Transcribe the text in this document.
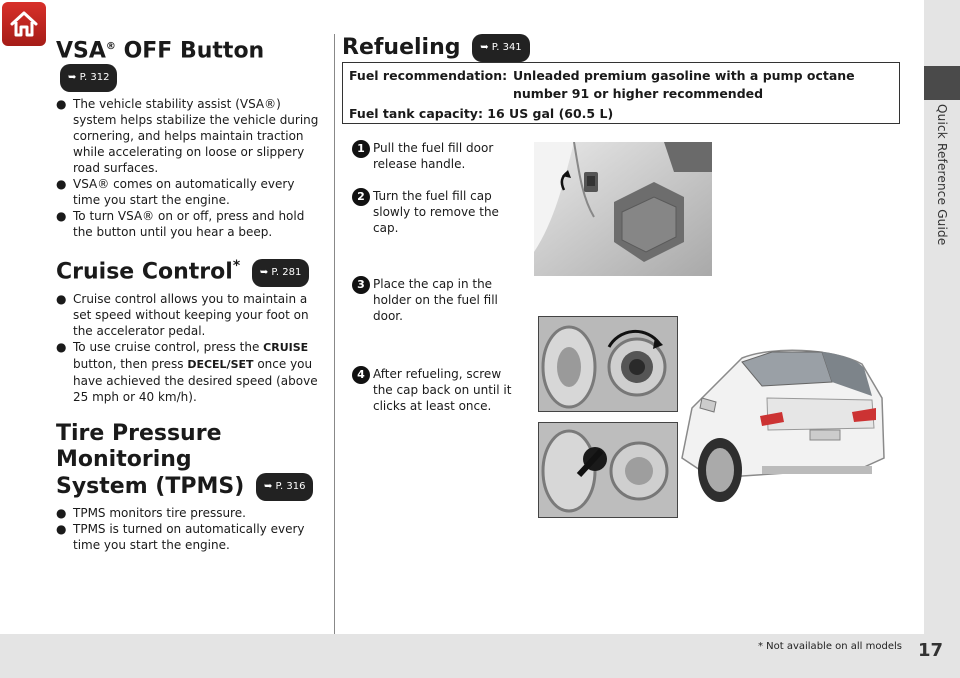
Quick Reference Guide
* Not available on all models 17
VSA® OFF Button ➥ P. 312
● The vehicle stability assist (VSA®) system helps stabilize the vehicle during cornering, and helps maintain traction while accelerating on loose or slippery road surfaces.
● VSA® comes on automatically every time you start the engine.
● To turn VSA® on or off, press and hold the button until you hear a beep.
Cruise Control* ➥ P. 281
● Cruise control allows you to maintain a set speed without keeping your foot on the accelerator pedal.
● To use cruise control, press the CRUISE button, then press DECEL/SET once you have achieved the desired speed (above 25 mph or 40 km/h).
Tire Pressure Monitoring
System (TPMS) ➥ P. 316
● TPMS monitors tire pressure.
● TPMS is turned on automatically every time you start the engine.
Refueling ➥ P. 341
Fuel recommendation: Unleaded premium gasoline with a pump octane
number 91 or higher recommended
Fuel tank capacity: 16 US gal (60.5 L)
1 Pull the fuel fill door release handle.
2 Turn the fuel fill cap slowly to remove the cap.
3 Place the cap in the holder on the fuel fill door.
4 After refueling, screw the cap back on until it clicks at least once.
